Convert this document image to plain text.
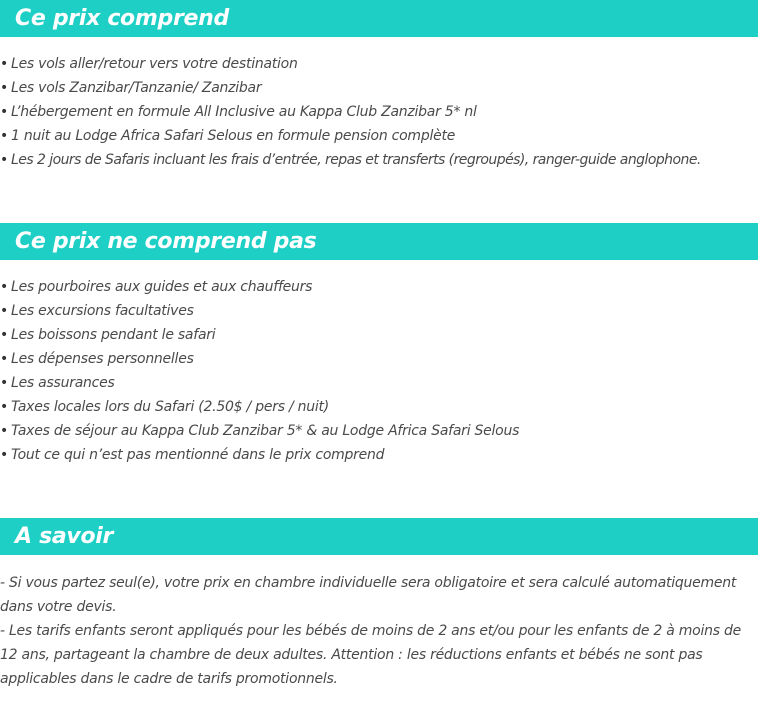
Ce prix comprend
• Les vols aller/retour vers votre destination
• Les vols Zanzibar/Tanzanie/ Zanzibar
• L’hébergement en formule All Inclusive au Kappa Club Zanzibar 5* nl
• 1 nuit au Lodge Africa Safari Selous en formule pension complète
• Les 2 jours de Safaris incluant les frais d’entrée, repas et transferts (regroupés), ranger-guide anglophone.
Ce prix ne comprend pas
• Les pourboires aux guides et aux chauffeurs
• Les excursions facultatives
• Les boissons pendant le safari
• Les dépenses personnelles
• Les assurances
• Taxes locales lors du Safari (2.50$ / pers / nuit)
• Taxes de séjour au Kappa Club Zanzibar 5* & au Lodge Africa Safari Selous
• Tout ce qui n’est pas mentionné dans le prix comprend
A savoir

- Si vous partez seul(e), votre prix en chambre individuelle sera obligatoire et sera calculé automatiquement dans votre devis.

- Les tarifs enfants seront appliqués pour les bébés de moins de 2 ans et/ou pour les enfants de 2 à moins de 12 ans, partageant la chambre de deux adultes. Attention : les réductions enfants et bébés ne sont pas applicables dans le cadre de tarifs promotionnels.
